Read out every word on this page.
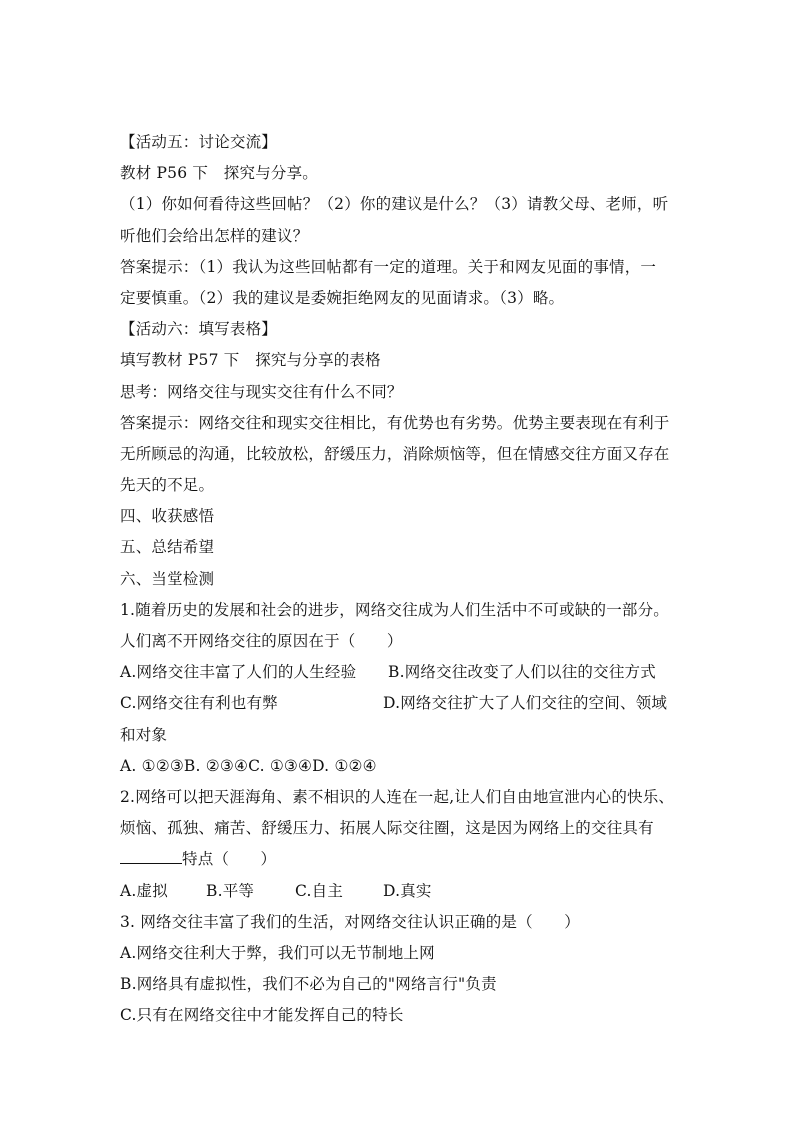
【活动五：讨论交流】
教材 P56 下　探究与分享。
（1）你如何看待这些回帖？（2）你的建议是什么？（3）请教父母、老师，听
听他们会给出怎样的建议？
答案提示：（1）我认为这些回帖都有一定的道理。关于和网友见面的事情，一
定要慎重。（2）我的建议是委婉拒绝网友的见面请求。（3）略。
【活动六：填写表格】
填写教材 P57 下　探究与分享的表格
思考：网络交往与现实交往有什么不同？
答案提示：网络交往和现实交往相比，有优势也有劣势。优势主要表现在有利于
无所顾忌的沟通，比较放松，舒缓压力，消除烦恼等，但在情感交往方面又存在
先天的不足。
四、收获感悟
五、总结希望
六、当堂检测
1.随着历史的发展和社会的进步，网络交往成为人们生活中不可或缺的一部分。
人们离不开网络交往的原因在于（　　）
A.网络交往丰富了人们的人生经验 B.网络交往改变了人们以往的交往方式
C.网络交往有利也有弊	D.网络交往扩大了人们交往的空间、领域
和对象
A. ①②③B. ②③④C. ①③④D. ①②④
2.网络可以把天涯海角、素不相识的人连在一起,让人们自由地宣泄内心的快乐、
烦恼、孤独、痛苦、舒缓压力、拓展人际交往圈，这是因为网络上的交往具有
特点（　　）
A.虚拟 B.平等	C.自主	D.真实
3. 网络交往丰富了我们的生活，对网络交往认识正确的是（　　）
A.网络交往利大于弊，我们可以无节制地上网
B.网络具有虚拟性，我们不必为自己的"网络言行"负责
C.只有在网络交往中才能发挥自己的特长
